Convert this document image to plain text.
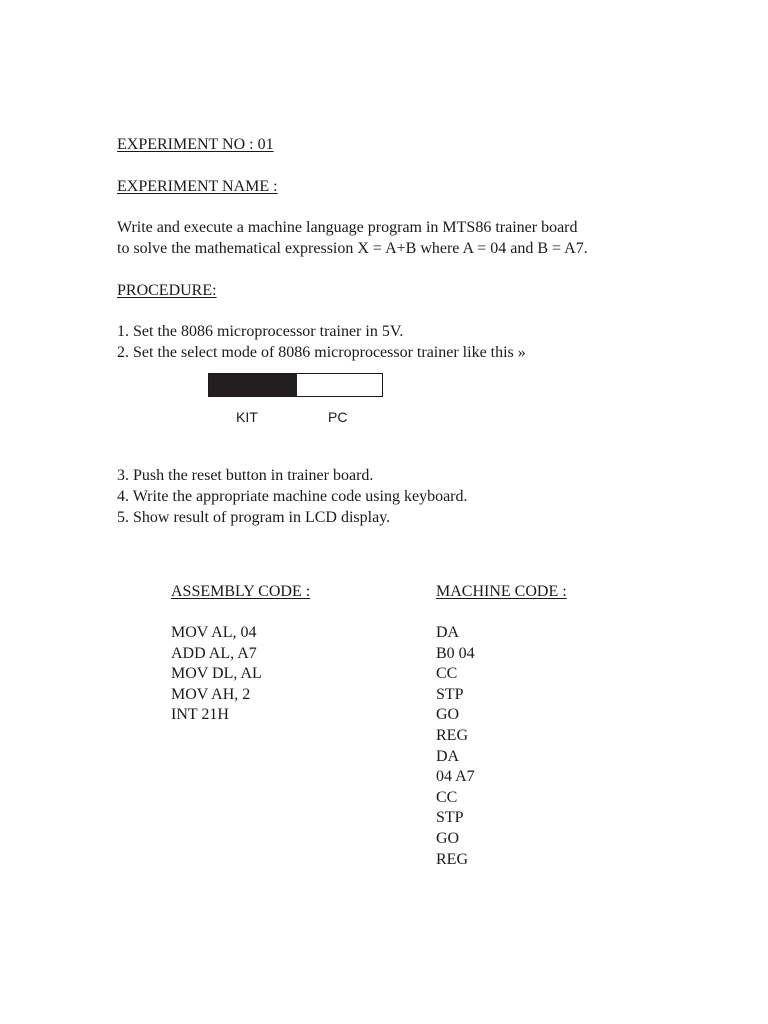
EXPERIMENT NO : 01
EXPERIMENT NAME :
Write and execute a machine language program in MTS86 trainer board
to solve the mathematical expression X = A+B where A = 04 and B = A7.
PROCEDURE:
1. Set the 8086 microprocessor trainer in 5V.
2. Set the select mode of 8086 microprocessor trainer like this »
KIT	PC
3. Push the reset button in trainer board.
4. Write the appropriate machine code using keyboard.
5. Show result of program in LCD display.
ASSEMBLY CODE :
MOV AL, 04
ADD AL, A7
MOV DL, AL
MOV AH, 2
INT 21H
MACHINE CODE :
DA
B0 04
CC
STP
GO
REG
DA
04 A7
CC
STP
GO
REG
